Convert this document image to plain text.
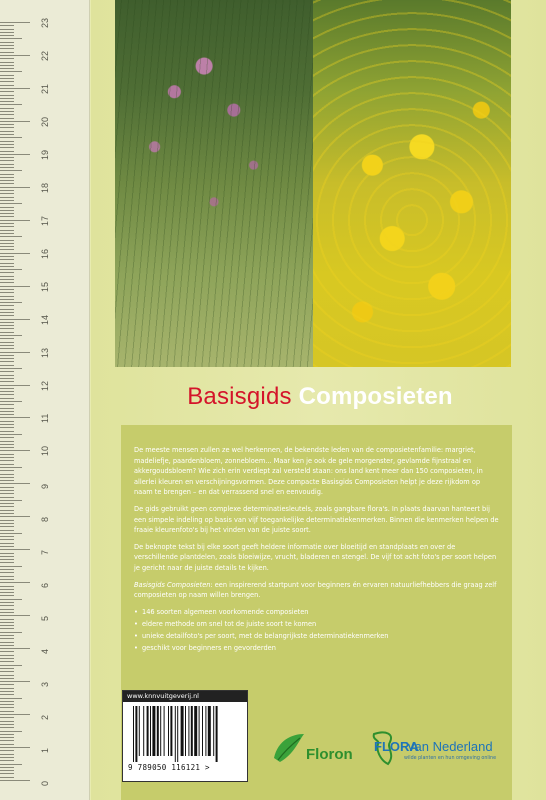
23
22
21
20
19
18
17
16
15
14
13
12
11
10
9
8
7
6
5
4
3
2
1
0
Basisgids Composieten

De meeste mensen zullen ze wel herkennen, de bekendste leden van de composietenfamilie: margriet, madeliefje, paardenbloem, zonnebloem... Maar ken je ook de gele morgenster, gevlamde fijnstraal en akkergoudsbloem? Wie zich erin verdiept zal versteld staan: ons land kent meer dan 150 composieten, in allerlei kleuren en verschijningsvormen. Deze compacte Basisgids Composieten helpt je deze rijkdom op naam te brengen – en dat verrassend snel en eenvoudig.

De gids gebruikt geen complexe determinatiesleutels, zoals gangbare flora's. In plaats daarvan hanteert bij een simpele indeling op basis van vijf toegankelijke determinatiekenmerken. Binnen die kenmerken helpen de fraaie kleurenfoto's bij het vinden van de juiste soort.

De beknopte tekst bij elke soort geeft heldere informatie over bloeitijd en standplaats en over de verschillende plantdelen, zoals bloeiwijze, vrucht, bladeren en stengel. De vijf tot acht foto's per soort helpen je gericht naar de juiste details te kijken.

Basisgids Composieten: een inspirerend startpunt voor beginners én ervaren natuurliefhebbers die graag zelf composieten op naam willen brengen.

• 146 soorten algemeen voorkomende composieten
• eldere methode om snel tot de juiste soort te komen
• unieke detailfoto's per soort, met de belangrijkste determinatiekenmerken
• geschikt voor beginners en gevorderden
www.knnvuitgeverij.nl
9 789050 116121 >
Floron FLORA
van Nederland
wilde planten en hun omgeving online
